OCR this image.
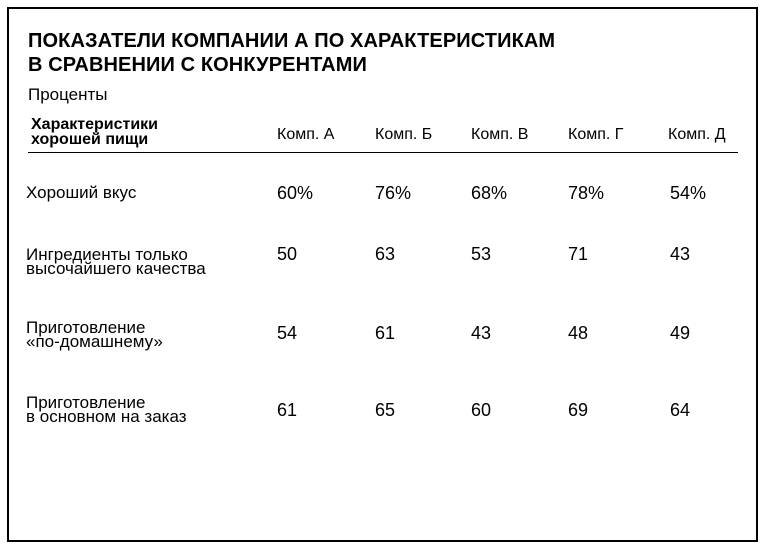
ПОКАЗАТЕЛИ КОМПАНИИ А ПО ХАРАКТЕРИСТИКАМ
В СРАВНЕНИИ С КОНКУРЕНТАМИ
Проценты
Характеристики
хорошей пищи	Комп. А	Комп. Б Комп. В Комп. Г	Комп. Д
Хороший вкус	60%	76%	68%	78%	54%
Ингредиенты только
высочайшего качества
50	63	53	71	43
Приготовление
«по-домашнему»	54	61	43	48	49
Приготовление
в основном на заказ	61	65	60	69	64
